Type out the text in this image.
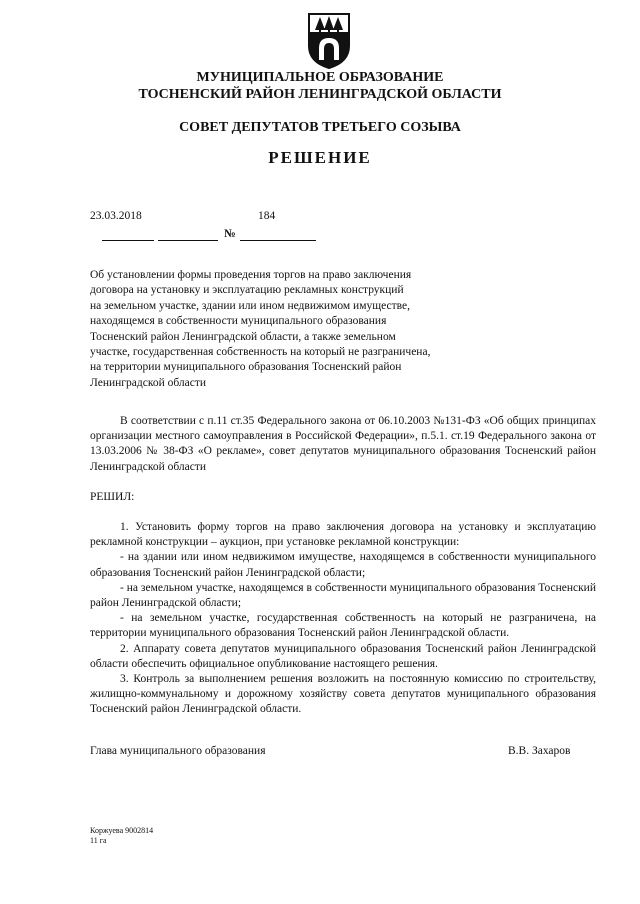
МУНИЦИПАЛЬНОЕ ОБРАЗОВАНИЕ
ТОСНЕНСКИЙ РАЙОН ЛЕНИНГРАДСКОЙ ОБЛАСТИ
СОВЕТ ДЕПУТАТОВ ТРЕТЬЕГО СОЗЫВА
РЕШЕНИЕ
23.03.2018	184
№
Об установлении формы проведения торгов на право заключения
договора на установку и эксплуатацию рекламных конструкций
на земельном участке, здании или ином недвижимом имуществе,
находящемся в собственности муниципального образования
Тосненский район Ленинградской области, а также земельном
участке, государственная собственность на который не разграничена,
на территории муниципального образования Тосненский район
Ленинградской области

В соответствии с п.11 ст.35 Федерального закона от 06.10.2003 №131-ФЗ «Об общих принципах организации местного самоуправления в Российской Федерации», п.5.1. ст.19 Федерального закона от 13.03.2006 № 38-ФЗ «О рекламе», совет депутатов муниципального образования Тосненский район Ленинградской области

РЕШИЛ:

1. Установить форму торгов на право заключения договора на установку и эксплуатацию рекламной конструкции – аукцион, при установке рекламной конструкции:

- на здании или ином недвижимом имуществе, находящемся в собственности муниципального образования Тосненский район Ленинградской области;

- на земельном участке, находящемся в собственности муниципального образования Тосненский район Ленинградской области;

- на земельном участке, государственная собственность на который не разграничена, на территории муниципального образования Тосненский район Ленинградской области.

2. Аппарату совета депутатов муниципального образования Тосненский район Ленинградской области обеспечить официальное опубликование настоящего решения.

3. Контроль за выполнением решения возложить на постоянную комиссию по строительству, жилищно-коммунальному и дорожному хозяйству совета депутатов муниципального образования Тосненский район Ленинградской области.

Глава муниципального образования	В.В. Захаров
Коржуева 9002814
11 га
